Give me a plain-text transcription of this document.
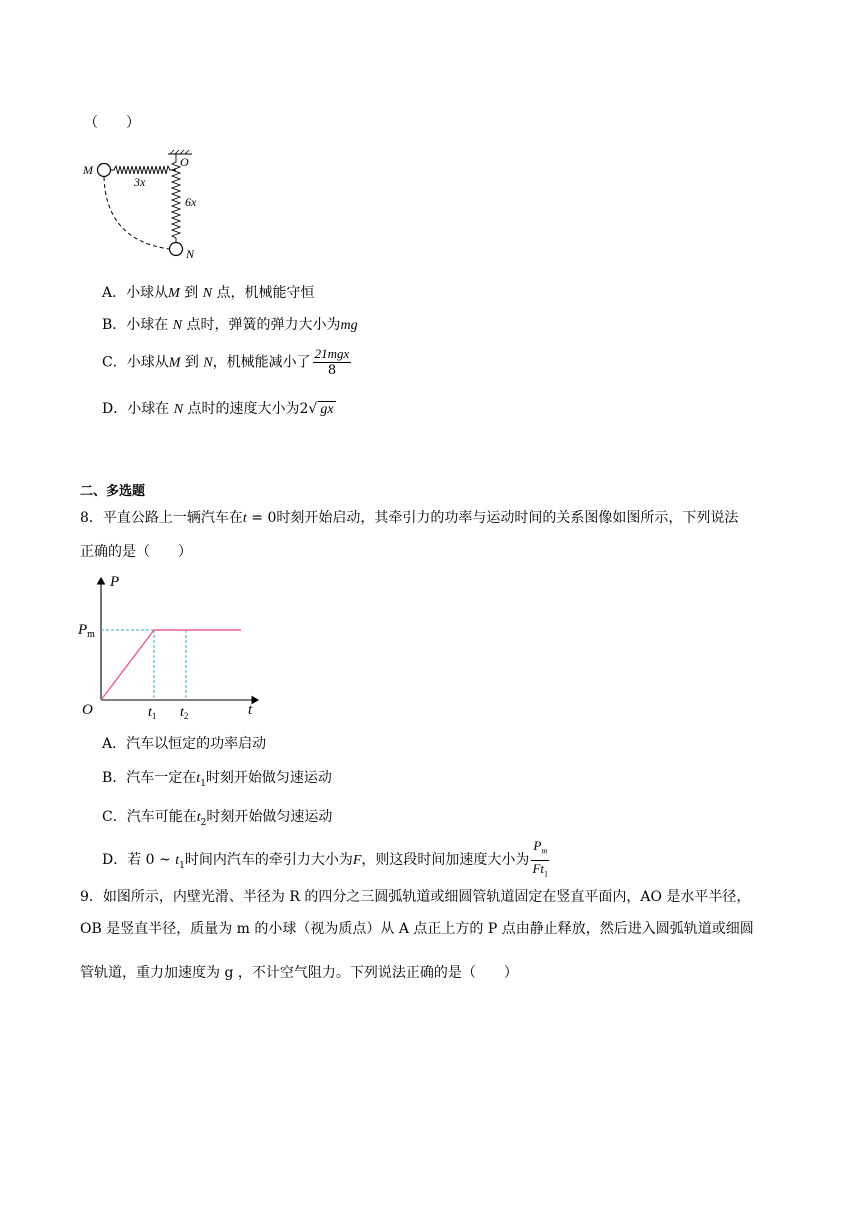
（　　）
M
O
N
3x
6x
A．小球从M 到 N 点，机械能守恒
B．小球在 N 点时，弹簧的弹力大小为mg
C．小球从M 到 N，机械能减小了 $\frac{\text{21mgx}}{8}$
D．小球在 N 点时的速度大小为2√ gx
二、多选题
8．平直公路上一辆汽车在t = 0时刻开始启动，其牵引力的功率与运动时间的关系图像如图所示，下列说法
正确的是（　　）
P
t
O
$P_m$
$t_1$ $t_2$
A．汽车以恒定的功率启动
B．汽车一定在$t_1$时刻开始做匀速运动
C．汽车可能在$t_2$时刻开始做匀速运动
D．若 0 ~ $t_1$时间内汽车的牵引力大小为F，则这段时间加速度大小为 $\frac{P_m}{Ft_1}$
9．如图所示，内壁光滑、半径为 R 的四分之三圆弧轨道或细圆管轨道固定在竖直平面内，AO 是水平半径，
OB 是竖直半径，质量为 m 的小球（视为质点）从 A 点正上方的 P 点由静止释放，然后进入圆弧轨道或细圆
管轨道，重力加速度为 g ，不计空气阻力。下列说法正确的是（　　）
